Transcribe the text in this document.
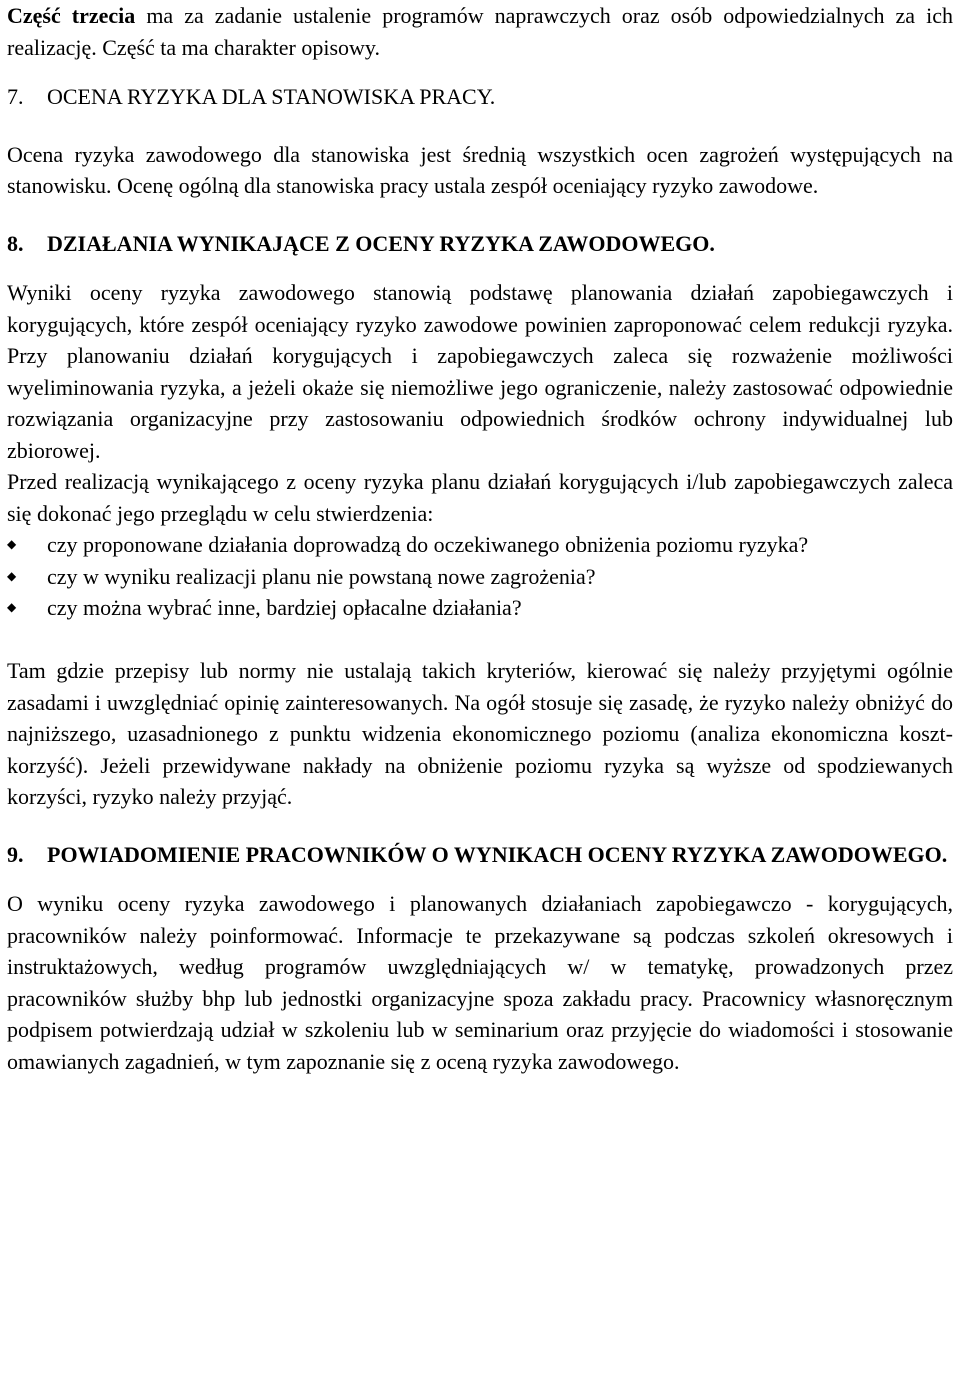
Część trzecia ma za zadanie ustalenie programów naprawczych oraz osób odpowiedzialnych za ich realizację. Część ta ma charakter opisowy.

7.	OCENA RYZYKA DLA STANOWISKA PRACY.

Ocena ryzyka zawodowego dla stanowiska jest średnią wszystkich ocen zagrożeń występujących na stanowisku. Ocenę ogólną dla stanowiska pracy ustala zespół oceniający ryzyko zawodowe.

8.	DZIAŁANIA WYNIKAJĄCE Z OCENY RYZYKA ZAWODOWEGO.

Wyniki oceny ryzyka zawodowego stanowią podstawę planowania działań zapobiegawczych i korygujących, które zespół oceniający ryzyko zawodowe powinien zaproponować celem redukcji ryzyka. Przy planowaniu działań korygujących i zapobiegawczych zaleca się rozważenie możliwości wyeliminowania ryzyka, a jeżeli okaże się niemożliwe jego ograniczenie, należy zastosować odpowiednie rozwiązania organizacyjne przy zastosowaniu odpowiednich środków ochrony indywidualnej lub zbiorowej.

Przed realizacją wynikającego z oceny ryzyka planu działań korygujących i/lub zapobiegawczych zaleca się dokonać jego przeglądu w celu stwierdzenia:

◆	czy proponowane działania doprowadzą do oczekiwanego obniżenia poziomu ryzyka?
◆	czy w wyniku realizacji planu nie powstaną nowe zagrożenia?
◆	czy można wybrać inne, bardziej opłacalne działania?

Tam gdzie przepisy lub normy nie ustalają takich kryteriów, kierować się należy przyjętymi ogólnie zasadami i uwzględniać opinię zainteresowanych. Na ogół stosuje się zasadę, że ryzyko należy obniżyć do najniższego, uzasadnionego z punktu widzenia ekonomicznego poziomu (analiza ekonomiczna koszt-korzyść). Jeżeli przewidywane nakłady na obniżenie poziomu ryzyka są wyższe od spodziewanych korzyści, ryzyko należy przyjąć.

9.	POWIADOMIENIE PRACOWNIKÓW O WYNIKACH OCENY RYZYKA ZAWODOWEGO.

O wyniku oceny ryzyka zawodowego i planowanych działaniach zapobiegawczo - korygujących, pracowników należy poinformować. Informacje te przekazywane są podczas szkoleń okresowych i instruktażowych, według programów uwzględniających w/ w tematykę, prowadzonych przez pracowników służby bhp lub jednostki organizacyjne spoza zakładu pracy. Pracownicy własnoręcznym podpisem potwierdzają udział w szkoleniu lub w seminarium oraz przyjęcie do wiadomości i stosowanie omawianych zagadnień, w tym zapoznanie się z oceną ryzyka zawodowego.
